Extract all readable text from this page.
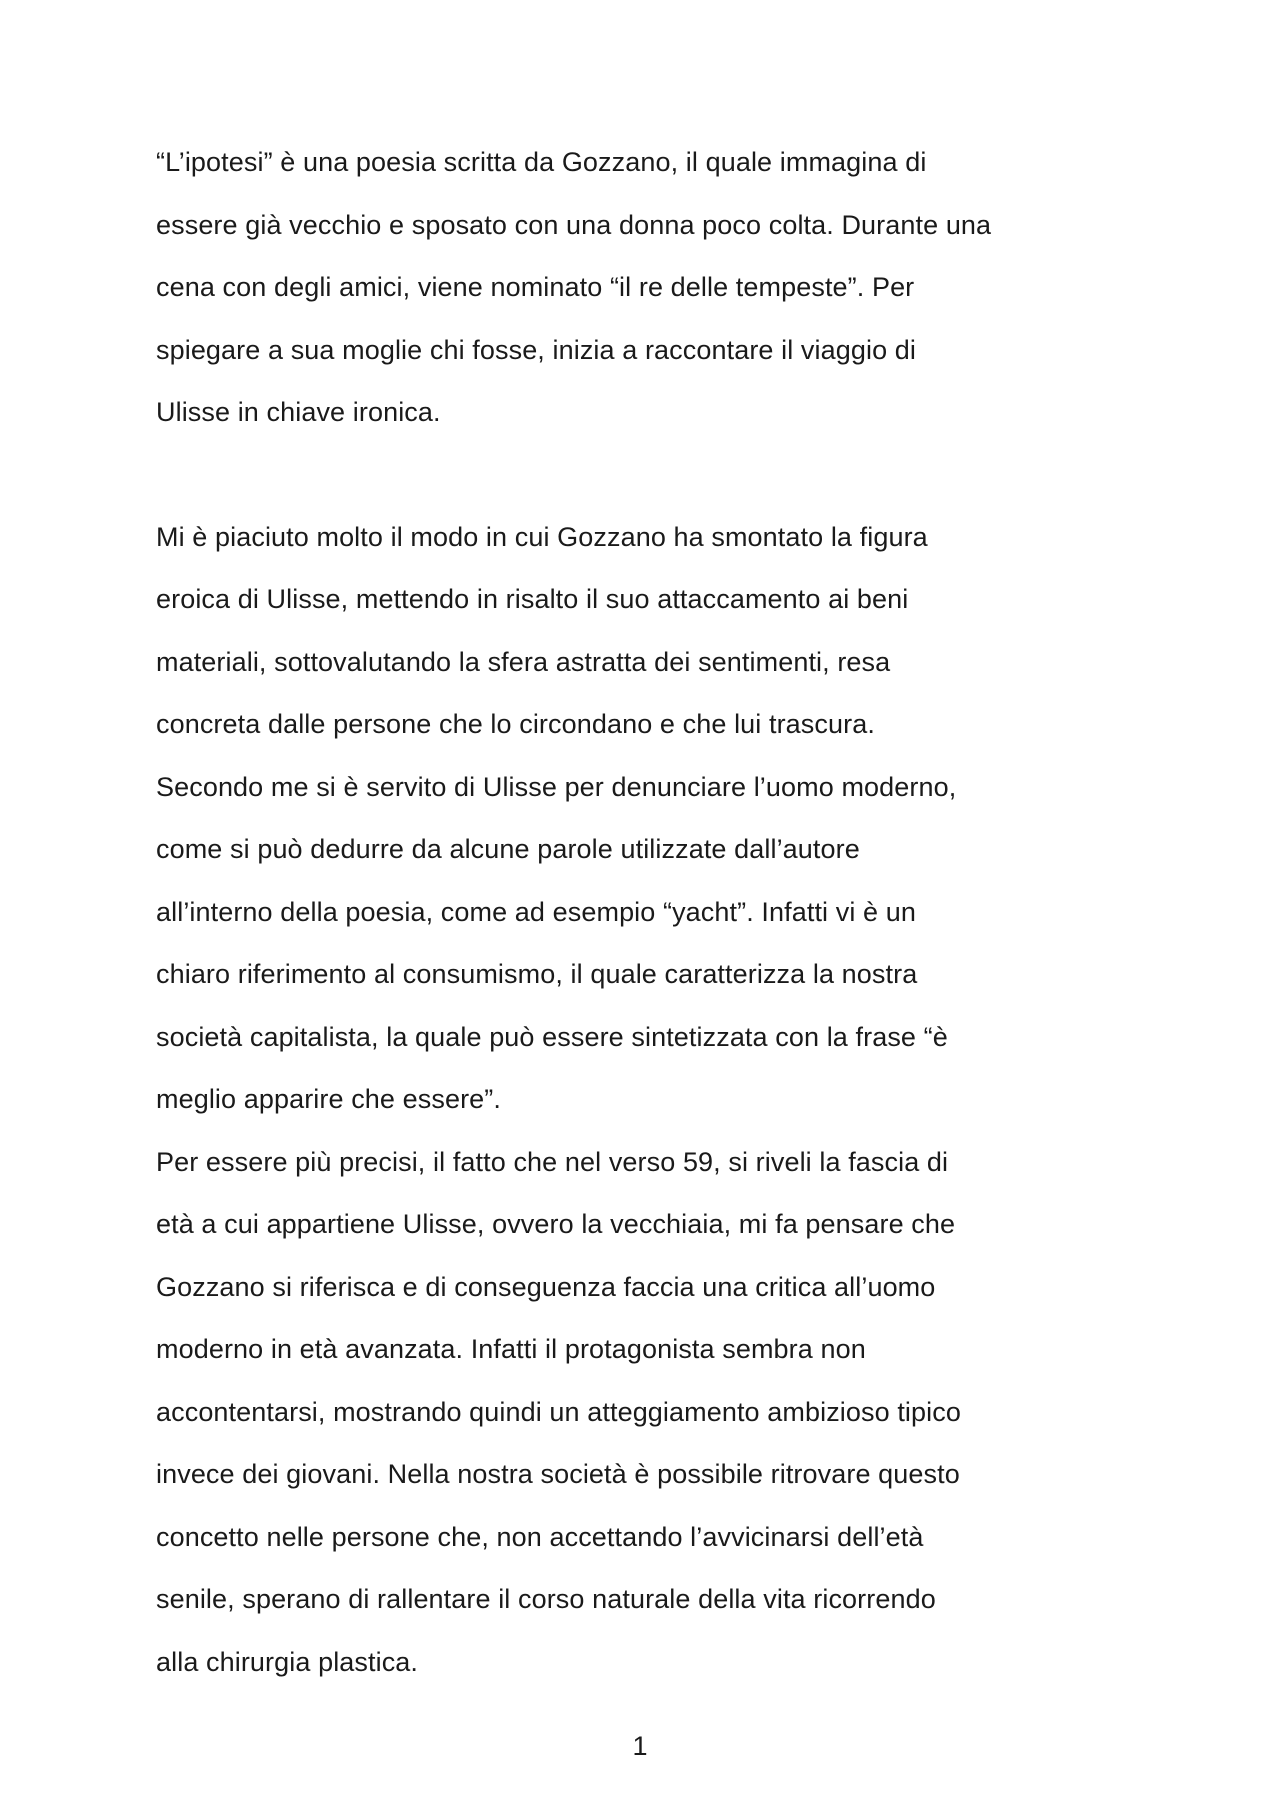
“L’ipotesi” è una poesia scritta da Gozzano, il quale immagina di
essere già vecchio e sposato con una donna poco colta. Durante una
cena con degli amici, viene nominato “il re delle tempeste”. Per
spiegare a sua moglie chi fosse, inizia a raccontare il viaggio di
Ulisse in chiave ironica.
Mi è piaciuto molto il modo in cui Gozzano ha smontato la figura
eroica di Ulisse, mettendo in risalto il suo attaccamento ai beni
materiali, sottovalutando la sfera astratta dei sentimenti, resa
concreta dalle persone che lo circondano e che lui trascura.
Secondo me si è servito di Ulisse per denunciare l’uomo moderno,
come si può dedurre da alcune parole utilizzate dall’autore
all’interno della poesia, come ad esempio “yacht”. Infatti vi è un
chiaro riferimento al consumismo, il quale caratterizza la nostra
società capitalista, la quale può essere sintetizzata con la frase “è
meglio apparire che essere”.
Per essere più precisi, il fatto che nel verso 59, si riveli la fascia di
età a cui appartiene Ulisse, ovvero la vecchiaia, mi fa pensare che
Gozzano si riferisca e di conseguenza faccia una critica all’uomo
moderno in età avanzata. Infatti il protagonista sembra non
accontentarsi, mostrando quindi un atteggiamento ambizioso tipico
invece dei giovani. Nella nostra società è possibile ritrovare questo
concetto nelle persone che, non accettando l’avvicinarsi dell’età
senile, sperano di rallentare il corso naturale della vita ricorrendo
alla chirurgia plastica.
1
